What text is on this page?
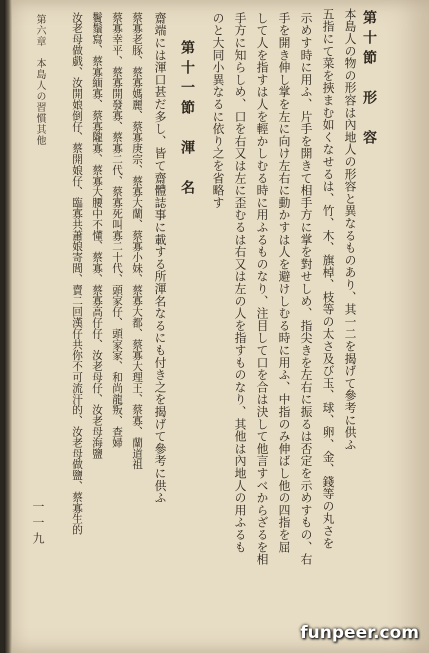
第十節　形　容
本島人の物の形容は內地人の形容と異なるものあり、其一二を揭げて參考に供ふ
五指にて菜を挾まむ如くなせるは、竹、木、旗棹、枝等の太さ及び玉、球、卵、金、錢等の丸さを
示めす時に用ふ、片手を開きて相手方に掌を對せしめ、指尖きを左右に振るは否定を示めすもの、右
手を開き伸し掌を左に向け左右に動かすは人を避けしむる時に用ふ、中指のみ伸ばし他の四指を屈
して人を指すは人を輕かしむる時に用ふるものなり、注目して口を合は決して他言すべからざるを相
手方に知らしめ、口を右又は左に歪むるは右又は左の人を指すものなり、其他は內地人の用ふるも
のと大同小異なるに依り之を省略す
第十一節　渾　名
齋端には渾口甚だ多し、皆て齋體誌事に載する所渾名なるにも付き之を揭げて參考に供ふ
蔡寡老豚、蔡寡媽麗、蔡寡庚宗、蔡寡大蘭、蔡寡小妹、蔡寡大都、蔡寡大理王、蔡寡、蘭道祖
蔡寡幸平、蔡寡開發寡、蔡寡二代、蔡寡死叫寡二十代、頭家仔、頭家家、和尚龍叛、查婦
鬢鬚寫、蔡寡緬寡、蔡寡隴寡、蔡寡大腰中不懂、蔡寡、蔡寡高仔仔、汝老母仔、汝老母海鹽
汝老母做戲、汝開娘倒仔、蔡開娘仔、臨寡共蕭娘寄閭、賣二回漢仔共你不可流汗的、汝老母做鹽、蔡寡生的
第六章　本島人の習慣其他
一一九
funpeer.com
